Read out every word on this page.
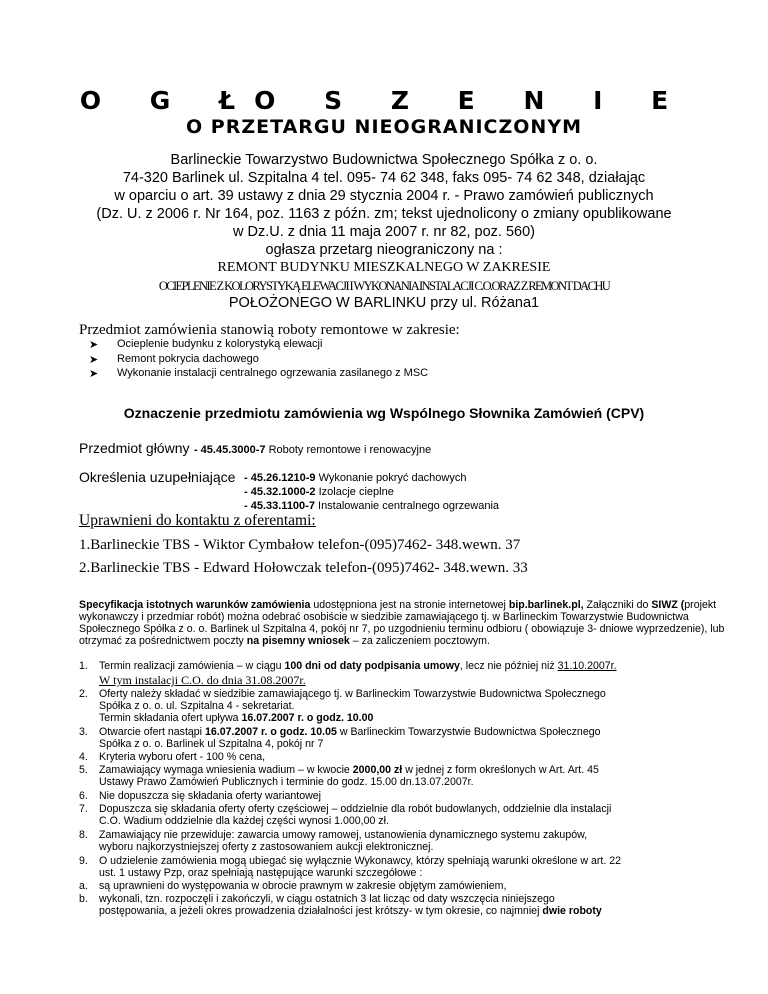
O G ŁO S Z E N I E
O PRZETARGU NIEOGRANICZONYM
Barlineckie Towarzystwo Budownictwa Społecznego Spółka z o. o.
74-320 Barlinek ul. Szpitalna 4 tel. 095- 74 62 348, faks 095- 74 62 348, działając
w oparciu o art. 39 ustawy z dnia 29 stycznia 2004 r. - Prawo zamówień publicznych
(Dz. U. z 2006 r. Nr 164, poz. 1163 z późn. zm; tekst ujednolicony o zmiany opublikowane
w Dz.U. z dnia 11 maja 2007 r. nr 82, poz. 560)
ogłasza przetarg nieograniczony na :
REMONT BUDYNKU MIESZKALNEGO W ZAKRESIE
OCIEPLENIE Z KOLORYSTYKĄ ELEWACJI I WYKONANIA INSTALACJI C.O.ORAZ Z REMONT DACHU
POŁOŻONEGO W BARLINKU przy ul. Różana1
Przedmiot zamówienia stanowią roboty remontowe w zakresie:
➤ Ocieplenie budynku z kolorystyką elewacji
➤ Remont pokrycia dachowego
➤ Wykonanie instalacji centralnego ogrzewania zasilanego z MSC
Oznaczenie przedmiotu zamówienia wg Wspólnego Słownika Zamówień (CPV)
Przedmiot główny - 45.45.3000-7 Roboty remontowe i renowacyjne
Określenia uzupełniające - 45.26.1210-9 Wykonanie pokryć dachowych
- 45.32.1000-2 Izolacje cieplne
- 45.33.1100-7 Instalowanie centralnego ogrzewania
Uprawnieni do kontaktu z oferentami:
1.Barlineckie TBS - Wiktor Cymbałow telefon-(095)7462- 348.wewn. 37
2.Barlineckie TBS - Edward Hołowczak telefon-(095)7462- 348.wewn. 33
Specyfikacja istotnych warunków zamówienia udostępniona jest na stronie internetowej bip.barlinek.pl, Załączniki do SIWZ (projekt wykonawczy i przedmiar robót) można odebrać osobiście w siedzibie zamawiającego tj. w Barlineckim Towarzystwie Budownictwa Społecznego Spółka z o. o. Barlinek ul Szpitalna 4, pokój nr 7, po uzgodnieniu terminu odbioru ( obowiązuje 3- dniowe wyprzedzenie), lub otrzymać za pośrednictwem poczty na pisemny wniosek – za zaliczeniem pocztowym.
1. Termin realizacji zamówienia – w ciągu 100 dni od daty podpisania umowy, lecz nie później niż 31.10.2007r.
W tym instalacji C.O. do dnia 31.08.2007r.
2. Oferty należy składać w siedzibie zamawiającego tj. w Barlineckim Towarzystwie Budownictwa Społecznego
Spółka z o. o. ul. Szpitalna 4 - sekretariat.
Termin składania ofert upływa 16.07.2007 r. o godz. 10.00
3. Otwarcie ofert nastąpi 16.07.2007 r. o godz. 10.05 w Barlineckim Towarzystwie Budownictwa Społecznego
Spółka z o. o. Barlinek ul Szpitalna 4, pokój nr 7
4. Kryteria wyboru ofert - 100 % cena,
5. Zamawiający wymaga wniesienia wadium – w kwocie 2000,00 zł w jednej z form określonych w Art. Art. 45
Ustawy Prawo Zamówień Publicznych i terminie do godz. 15.00 dn.13.07.2007r.
6. Nie dopuszcza się składania oferty wariantowej
7. Dopuszcza się składania oferty oferty częściowej – oddzielnie dla robót budowlanych, oddzielnie dla instalacji
C.O. Wadium oddzielnie dla każdej części wynosi 1.000,00 zł.
8. Zamawiający nie przewiduje: zawarcia umowy ramowej, ustanowienia dynamicznego systemu zakupów,
wyboru najkorzystniejszej oferty z zastosowaniem aukcji elektronicznej.
9. O udzielenie zamówienia mogą ubiegać się wyłącznie Wykonawcy, którzy spełniają warunki określone w art. 22
ust. 1 ustawy Pzp, oraz spełniają następujące warunki szczegółowe :
a. są uprawnieni do występowania w obrocie prawnym w zakresie objętym zamówieniem,
b. wykonali, tzn. rozpoczęli i zakończyli, w ciągu ostatnich 3 lat licząc od daty wszczęcia niniejszego
postępowania, a jeżeli okres prowadzenia działalności jest krótszy- w tym okresie, co najmniej dwie roboty
